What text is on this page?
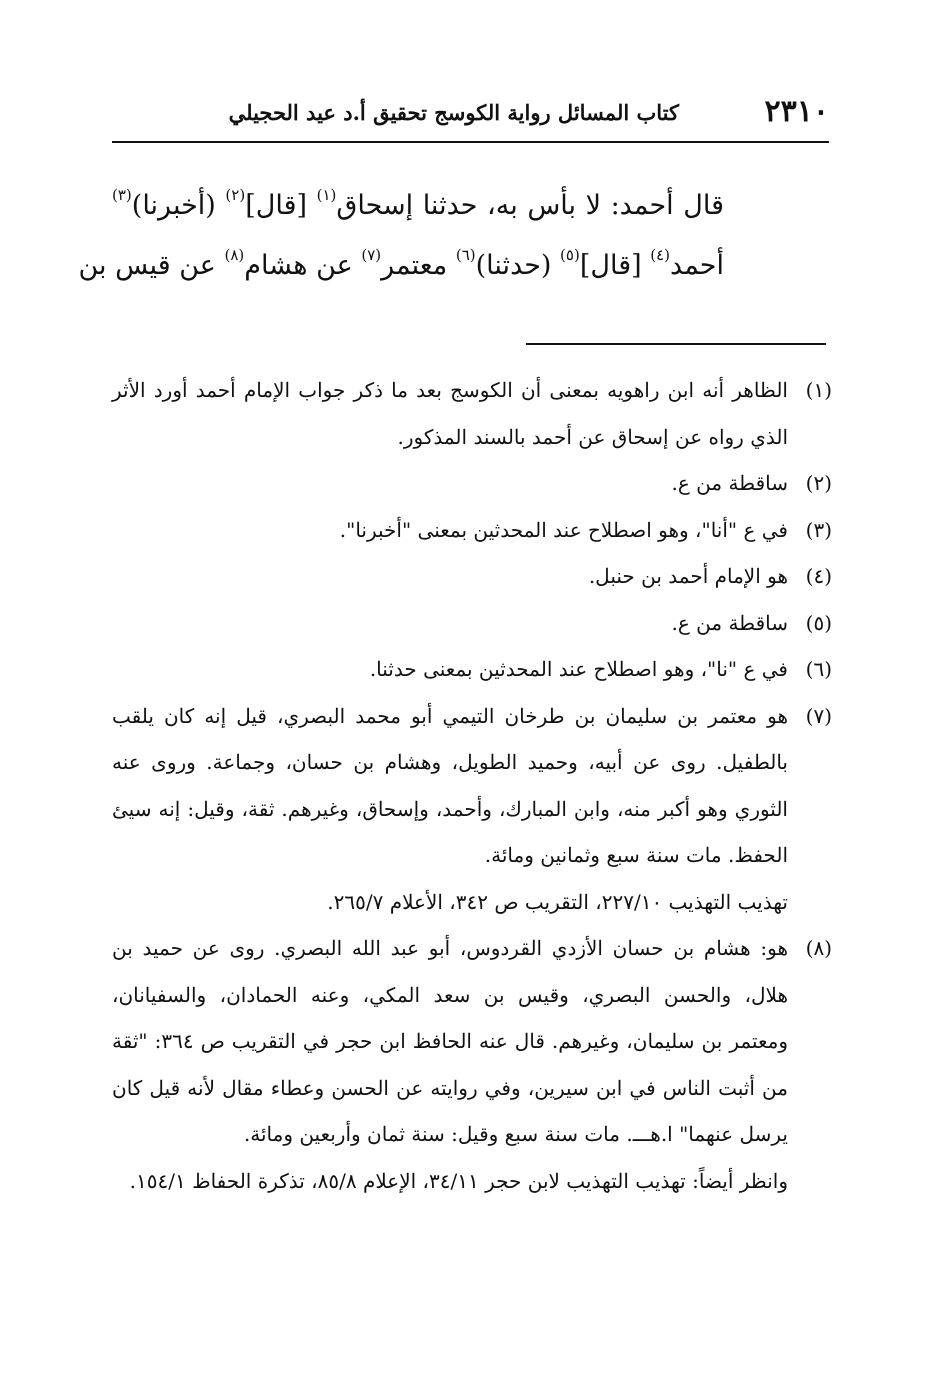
٢٣١٠
كتاب المسائل رواية الكوسج تحقيق أ.د عيد الحجيلي
قال أحمد: لا بأس به، حدثنا إسحاق$^{(١)}$ [قال]$^{(٢)}$ (أخبرنا)$^{(٣)}$
أحمد$^{(٤)}$ [قال]$^{(٥)}$ (حدثنا)$^{(٦)}$ معتمر$^{(٧)}$ عن هشام$^{(٨)}$ عن قيس بن
(١)الظاهر أنه ابن راهويه بمعنى أن الكوسج بعد ما ذكر جواب الإمام أحمد أورد الأثر الذي رواه عن إسحاق عن أحمد بالسند المذكور.
(٢)ساقطة من ع.
(٣)في ع "أنا"، وهو اصطلاح عند المحدثين بمعنى "أخبرنا".
(٤)هو الإمام أحمد بن حنبل.
(٥)ساقطة من ع.
(٦)في ع "نا"، وهو اصطلاح عند المحدثين بمعنى حدثنا.
(٧)هو معتمر بن سليمان بن طرخان التيمي أبو محمد البصري، قيل إنه كان يلقب بالطفيل. روى عن أبيه، وحميد الطويل، وهشام بن حسان، وجماعة. وروى عنه الثوري وهو أكبر منه، وابن المبارك، وأحمد، وإسحاق، وغيرهم. ثقة، وقيل: إنه سيئ الحفظ. مات سنة سبع وثمانين ومائة.
تهذيب التهذيب ٢٢٧/١٠، التقريب ص ٣٤٢، الأعلام ٢٦٥/٧.
(٨)هو: هشام بن حسان الأزدي القردوس، أبو عبد الله البصري. روى عن حميد بن هلال، والحسن البصري، وقيس بن سعد المكي، وعنه الحمادان، والسفيانان، ومعتمر بن سليمان، وغيرهم. قال عنه الحافظ ابن حجر في التقريب ص ٣٦٤: "ثقة من أثبت الناس في ابن سيرين، وفي روايته عن الحسن وعطاء مقال لأنه قيل كان يرسل عنهما" ا.هـــ. مات سنة سبع وقيل: سنة ثمان وأربعين ومائة.
وانظر أيضاً: تهذيب التهذيب لابن حجر ٣٤/١١، الإعلام ٨٥/٨، تذكرة الحفاظ ١٥٤/١.
